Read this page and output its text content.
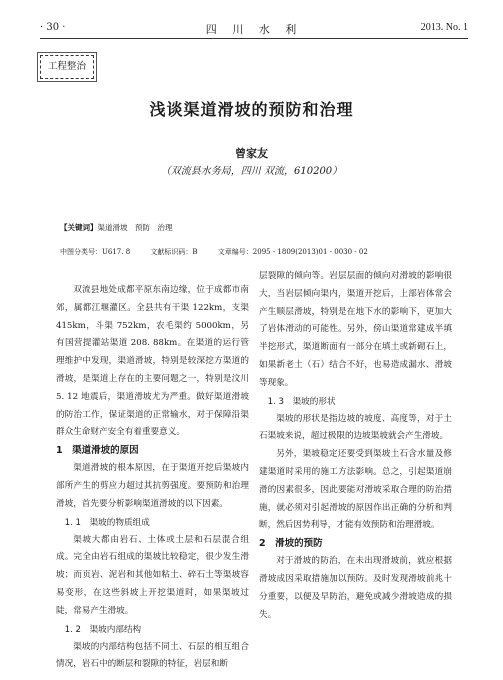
· 30 ·	四 川 水 利	2013. No. 1
工程整治
浅谈渠道滑坡的预防和治理
曾家友
（双流县水务局，四川 双流，610200）
【关键词】渠道滑坡　预防　治理
中图分类号：U617. 8	文献标识码：B	文章编号：2095 - 1809(2013)01 - 0030 - 02

双流县地处成都平原东南边缘，位于成都市南郊，属都江堰灌区。全县共有干渠 122km，支渠 415km，斗渠 752km，农毛渠约 5000km，另有国营提灌站渠道 208. 88km。在渠道的运行管理维护中发现，渠道滑坡，特别是较深挖方渠道的滑坡，是渠道上存在的主要问题之一，特别是汶川 5. 12 地震后，渠道滑坡尤为严重。做好渠道滑坡的防治工作，保证渠道的正常输水，对于保障沿渠群众生命财产安全有着重要意义。

1　渠道滑坡的原因

渠道滑坡的根本原因，在于渠道开挖后渠坡内部所产生的剪应力超过其抗剪强度。要预防和治理滑坡，首先要分析影响渠道滑坡的以下因素。

1. 1　渠坡的物质组成

渠坡大都由岩石、土体或土层和石层混合组成。完全由岩石组成的渠坡比较稳定，很少发生滑坡；而页岩、泥岩和其他如粘土、碎石土等渠坡容易变形，在这些斜坡上开挖渠道时，如果渠坡过陡，常易产生滑坡。

1. 2　渠坡内部结构

渠坡的内部结构包括不同土、石层的相互组合情况，岩石中的断层和裂隙的特征，岩层和断

层裂隙的倾向等。岩层层面的倾向对滑坡的影响很大，当岩层倾向渠内，渠道开挖后，上部岩体常会产生顺层滑坡，特别是在地下水的影响下，更加大了岩体滑动的可能性。另外，傍山渠道常建成半填半挖形式，渠道断面有一部分在填土或新砌石上，如果新老土（石）结合不好，也易造成漏水、滑坡等现象。

1. 3　渠坡的形状

渠坡的形状是指边坡的坡度、高度等，对于土石渠坡来说，超过极限的边坡渠坡就会产生滑坡。

另外，渠坡稳定还要受到渠坡土石含水量及修建渠道时采用的施工方法影响。总之，引起渠道崩滑的因素很多，因此要能对滑坡采取合理的防治措施，就必须对引起滑坡的原因作出正确的分析和判断，然后因势利导，才能有效预防和治理滑坡。

2　滑坡的预防

对于滑坡的防治，在未出现滑坡前，就应根据滑坡成因采取措施加以预防。及时发现滑坡前兆十分重要，以便及早防治，避免或减少滑坡造成的损失。
